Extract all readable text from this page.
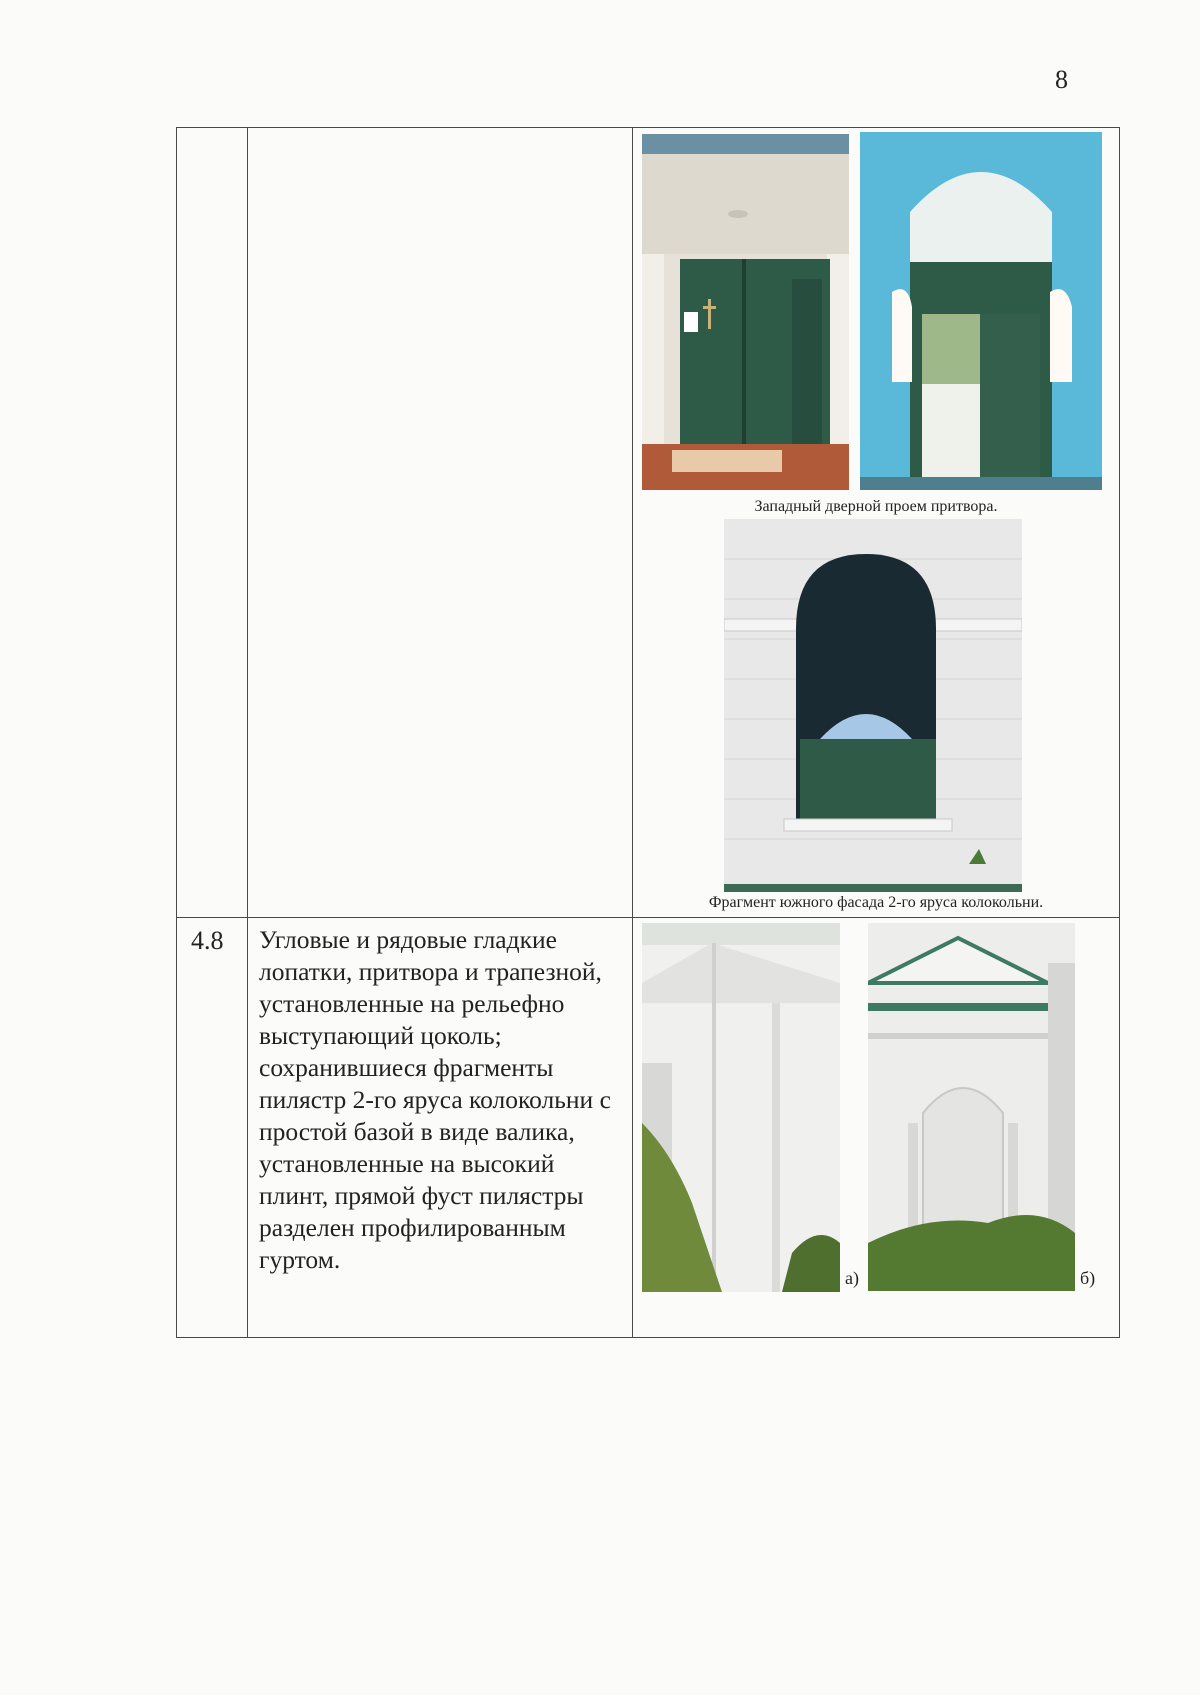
8

		Западный дверной проем притвора.
Фрагмент южного фасада 2-го яруса колокольни.

4.8	Угловые и рядовые гладкие лопатки, притвора и трапезной, установленные на рельефно выступающий цоколь; сохранившиеся фрагменты пилястр 2-го яруса колокольни с простой базой в виде валика, установленные на высокий плинт, прямой фуст пилястры разделен профилированным гуртом.	а) б)
